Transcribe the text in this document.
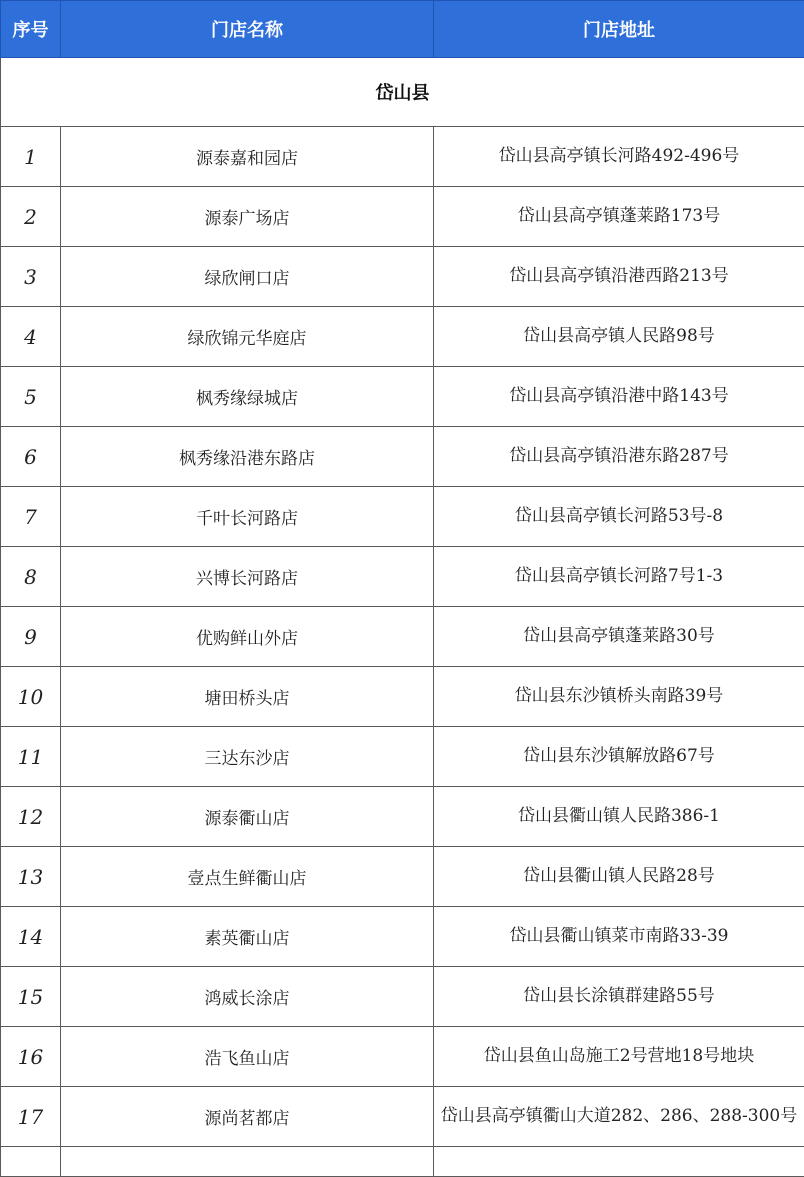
序号	门店名称	门店地址
岱山县		
1	源泰嘉和园店	岱山县高亭镇长河路492-496号
2	源泰广场店	岱山县高亭镇蓬莱路173号
3	绿欣闸口店	岱山县高亭镇沿港西路213号
4	绿欣锦元华庭店	岱山县高亭镇人民路98号
5	枫秀缘绿城店	岱山县高亭镇沿港中路143号
6	枫秀缘沿港东路店	岱山县高亭镇沿港东路287号
7	千叶长河路店	岱山县高亭镇长河路53号-8
8	兴博长河路店	岱山县高亭镇长河路7号1-3
9	优购鲜山外店	岱山县高亭镇蓬莱路30号
10	塘田桥头店	岱山县东沙镇桥头南路39号
11	三达东沙店	岱山县东沙镇解放路67号
12	源泰衢山店	岱山县衢山镇人民路386-1
13	壹点生鲜衢山店	岱山县衢山镇人民路28号
14	素英衢山店	岱山县衢山镇菜市南路33-39
15	鸿威长涂店	岱山县长涂镇群建路55号
16	浩飞鱼山店	岱山县鱼山岛施工2号营地18号地块
17	源尚茗都店	岱山县高亭镇衢山大道282、286、288-300号
